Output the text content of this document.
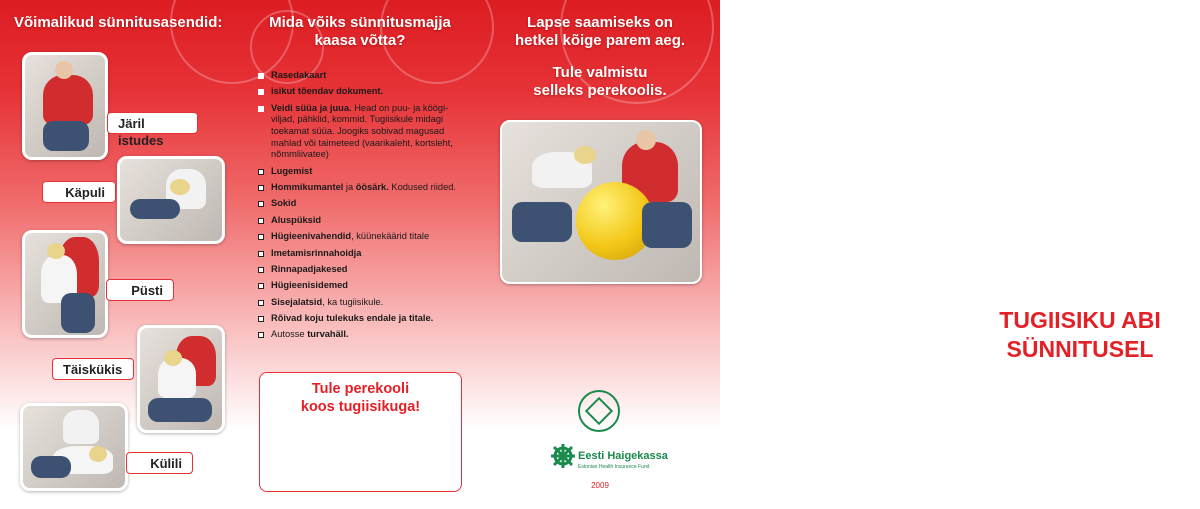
Võimalikud sünnitusasendid:
Järil istudes
Käpuli
Püsti
Täiskükis
Külili
Mida võiks sünnitusmajja
kaasa võtta?
Rasedakaart
isikut tõendav dokument.
Veidi süüa ja juua. Head on puu- ja köögi-viljad, pähklid, kommid. Tugiisikule midagi toekamat süüa. Joogiks sobivad magusad mahlad või taimeteed (vaarikaleht, kortsleht, nõmmliivatee)
Lugemist
Hommikumantel ja öösärk. Kodused riided.
Sokid
Aluspüksid
Hügieenivahendid, küünekäärid titale
Imetamisrinnahoidja
Rinnapadjakesed
Hügieenisidemed
Sisejalatsid, ka tugiisikule.
Rõivad koju tulekuks endale ja titale.
Autosse turvahäll.
Tule perekooli
koos tugiisikuga!
Lapse saamiseks on
hetkel kõige parem aeg.
Tule valmistu
selleks perekoolis.
TUGIISIKU ABI
SÜNNITUSEL
Eesti Haigekassa
Estonian Health Insurance Fund
2009
